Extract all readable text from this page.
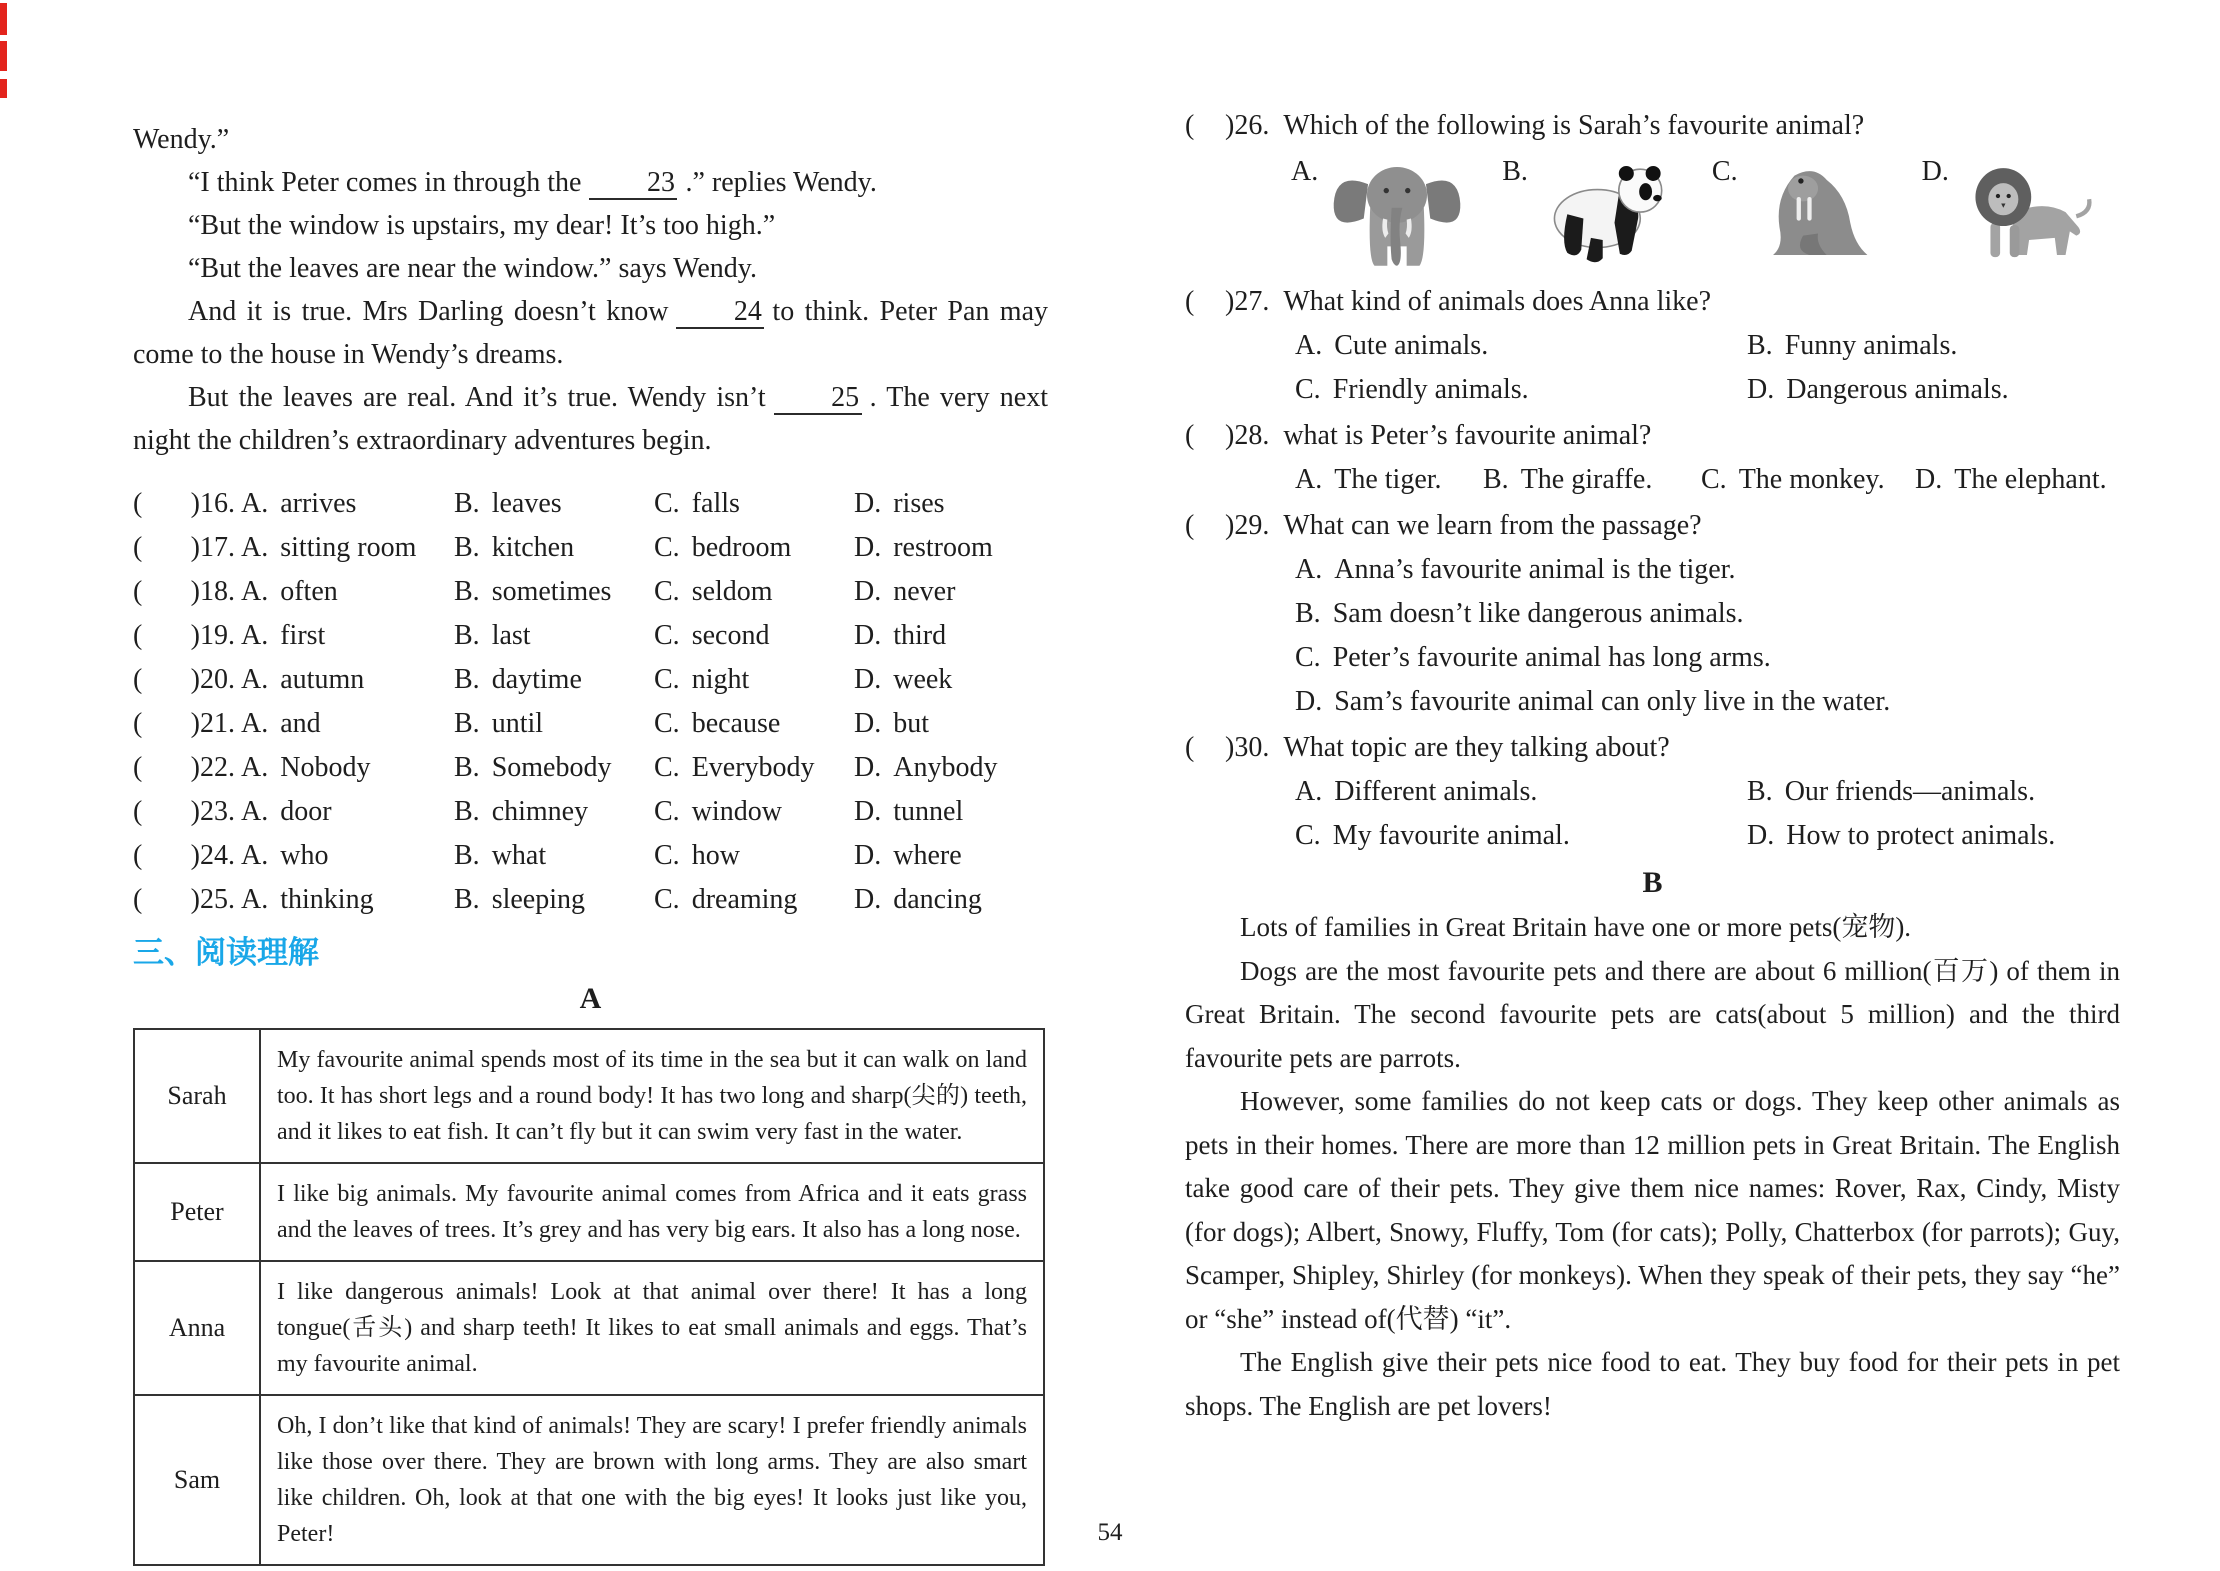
Wendy.”

“I think Peter comes in through the 23 .” replies Wendy.

“But the window is upstairs, my dear! It’s too high.”

“But the leaves are near the window.” says Wendy.

And it is true. Mrs Darling doesn’t know 24 to think. Peter Pan may come to the house in Wendy’s dreams.

But the leaves are real. And it’s true. Wendy isn’t 25 . The very next night the children’s extraordinary adventures begin.

( )16. A. arrives	B. leaves	C. falls	D. rises
( )17. A. sitting room	B. kitchen	C. bedroom	D. restroom
( )18. A. often	B. sometimes	C. seldom	D. never
( )19. A. first	B. last	C. second	D. third
( )20. A. autumn	B. daytime	C. night	D. week
( )21. A. and	B. until	C. because	D. but
( )22. A. Nobody	B. Somebody	C. Everybody	D. Anybody
( )23. A. door	B. chimney	C. window	D. tunnel
( )24. A. who	B. what	C. how	D. where
( )25. A. thinking	B. sleeping	C. dreaming	D. dancing
三、阅读理解
A
Sarah	My favourite animal spends most of its time in the sea but it can walk on land too. It has short legs and a round body! It has two long and sharp(尖的) teeth, and it likes to eat fish. It can’t fly but it can swim very fast in the water.
Peter	I like big animals. My favourite animal comes from Africa and it eats grass and the leaves of trees. It’s grey and has very big ears. It also has a long nose.
Anna	I like dangerous animals! Look at that animal over there! It has a long tongue(舌头) and sharp teeth! It likes to eat small animals and eggs. That’s my favourite animal.
Sam	Oh, I don’t like that kind of animals! They are scary! I prefer friendly animals like those over there. They are brown with long arms. They are also smart like children. Oh, look at that one with the big eyes! It looks just like you, Peter!
(	)26. Which of the following is Sarah’s favourite animal?
A.	B.	C.	D.
(	)27. What kind of animals does Anna like?
A. Cute animals.	B. Funny animals.
C. Friendly animals.	D. Dangerous animals.
(	)28. what is Peter’s favourite animal?
A. The tiger.	B. The giraffe.	C. The monkey.	D. The elephant.
(	)29. What can we learn from the passage?
A. Anna’s favourite animal is the tiger.
B. Sam doesn’t like dangerous animals.
C. Peter’s favourite animal has long arms.
D. Sam’s favourite animal can only live in the water.
(	)30. What topic are they talking about?
A. Different animals.	B. Our friends—animals.
C. My favourite animal.	D. How to protect animals.
B

Lots of families in Great Britain have one or more pets(宠物).

Dogs are the most favourite pets and there are about 6 million(百万) of them in Great Britain. The second favourite pets are cats(about 5 million) and the third favourite pets are parrots.

However, some families do not keep cats or dogs. They keep other animals as pets in their homes. There are more than 12 million pets in Great Britain. The English take good care of their pets. They give them nice names: Rover, Rax, Cindy, Misty (for dogs); Albert, Snowy, Fluffy, Tom (for cats); Polly, Chatterbox (for parrots); Guy, Scamper, Shipley, Shirley (for monkeys). When they speak of their pets, they say “he” or “she” instead of(代替) “it”.

The English give their pets nice food to eat. They buy food for their pets in pet shops. The English are pet lovers!

54
